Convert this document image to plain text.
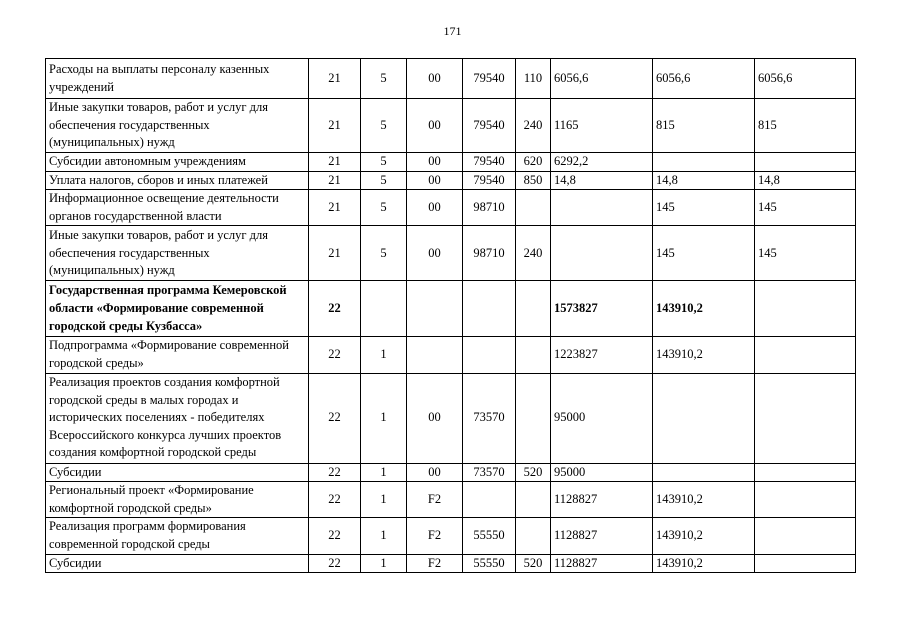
171
Расходы на выплаты персоналу казенных учреждений	21	5	00	79540	110	6056,6	6056,6	6056,6
Иные закупки товаров, работ и услуг для обеспечения государственных (муниципальных) нужд	21	5	00	79540	240	1165	815	815
Субсидии автономным учреждениям	21	5	00	79540	620	6292,2		
Уплата налогов, сборов и иных платежей	21	5	00	79540	850	14,8	14,8	14,8
Информационное освещение деятельности органов государственной власти	21	5	00	98710			145	145
Иные закупки товаров, работ и услуг для обеспечения государственных (муниципальных) нужд	21	5	00	98710	240		145	145
Государственная программа Кемеровской области «Формирование современной городской среды Кузбасса»	22					1573827	143910,2	
Подпрограмма «Формирование современной городской среды»	22	1				1223827	143910,2	
Реализация проектов создания комфортной городской среды в малых городах и исторических поселениях - победителях Всероссийского конкурса лучших проектов создания комфортной городской среды	22	1	00	73570		95000		
Субсидии	22	1	00	73570	520	95000		
Региональный проект «Формирование комфортной городской среды»	22	1	F2			1128827	143910,2	
Реализация программ формирования современной городской среды	22	1	F2	55550		1128827	143910,2	
Субсидии	22	1	F2	55550	520	1128827	143910,2	
